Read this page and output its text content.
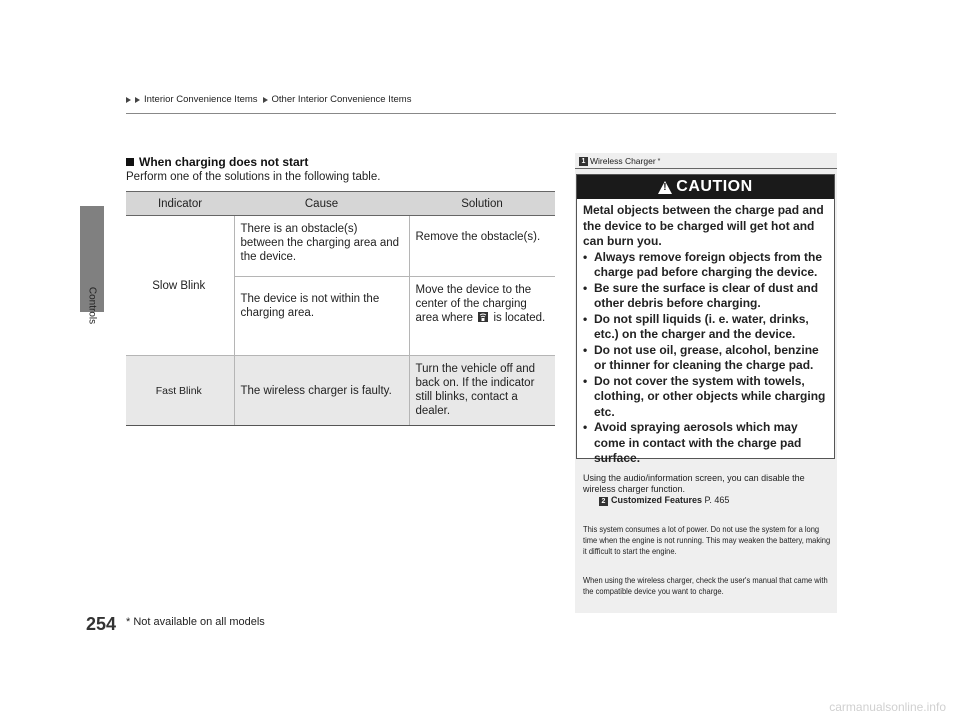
Interior Convenience Items Other Interior Convenience Items
Controls
254
When charging does not start
Perform one of the solutions in the following table.
Indicator	Cause	Solution
Slow Blink	There is an obstacle(s) between the charging area and the device.	Remove the obstacle(s).
	The device is not within the charging area.	Move the device to the center of the charging area where is located.
Fast Blink	The wireless charger is faulty.	Turn the vehicle off and back on. If the indicator still blinks, contact a dealer.
1 Wireless Charger *
!
CAUTION

Metal objects between the charge pad and the device to be charged will get hot and can burn you.

• Always remove foreign objects from the charge pad before charging the device.
• Be sure the surface is clear of dust and other debris before charging.
• Do not spill liquids (i. e. water, drinks, etc.) on the charger and the device.
• Do not use oil, grease, alcohol, benzine or thinner for cleaning the charge pad.
• Do not cover the system with towels, clothing, or other objects while charging etc.
• Avoid spraying aerosols which may come in contact with the charge pad surface.
Using the audio/information screen, you can disable the wireless charger function.
2 Customized Features P. 465
This system consumes a lot of power. Do not use the system for a long time when the engine is not running. This may weaken the battery, making it difficult to start the engine.
When using the wireless charger, check the user's manual that came with the compatible device you want to charge.
* Not available on all models
carmanualsonline.info
